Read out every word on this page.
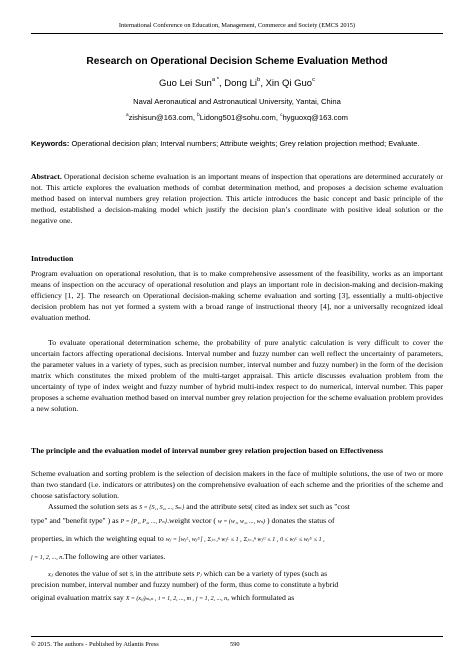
International Conference on Education, Management, Commerce and Society (EMCS 2015)
Research on Operational Decision Scheme Evaluation Method
Guo Lei Sun$^{a *}$, Dong Li$^b$, Xin Qi Guo$^c$
Naval Aeronautical and Astronautical University, Yantai, China
$^a$zishisun@163.com, $^b$Lidong501@sohu.com, $^c$hyguoxq@163.com
Keywords: Operational decision plan; Interval numbers; Attribute weights; Grey relation projection method; Evaluate.
Abstract. Operational decision scheme evaluation is an important means of inspection that operations are determined accurately or not. This article explores the evaluation methods of combat determination method, and proposes a decision scheme evaluation method based on interval numbers grey relation projection. This article introduces the basic concept and basic principle of the method, established a decision-making model which justify the decision plan’s coordinate with positive ideal solution or the negative one.
Introduction
Program evaluation on operational resolution, that is to make comprehensive assessment of the feasibility, works as an important means of inspection on the accuracy of operational resolution and plays an important role in decision-making and decision-making efficiency [1, 2]. The research on Operational decision-making scheme evaluation and sorting [3], essentially a multi-objective decision problem has not yet formed a system with a broad range of instructional theory [4], nor a universally recognized ideal evaluation method.
To evaluate operational determination scheme, the probability of pure analytic calculation is very difficult to cover the uncertain factors affecting operational decisions. Interval number and fuzzy number can well reflect the uncertainty of parameters, the parameter values in a variety of types, such as precision number, interval number and fuzzy number) in the form of the decision matrix which constitutes the mixed problem of the multi-target appraisal. This article discusses evaluation problem from the uncertainty of type of index weight and fuzzy number of hybrid multi-index respect to do numerical, interval number. This paper proposes a scheme evaluation method based on interval number grey relation projection for the scheme evaluation problem provides a new solution.
The principle and the evaluation model of interval number grey relation projection based on Effectiveness
Scheme evaluation and sorting problem is the selection of decision makers in the face of multiple solutions, the use of two or more than two standard (i.e. indicators or attributes) on the comprehensive evaluation of each scheme and the priorities of the scheme and choose satisfactory solution.
Assumed the solution sets as S = {S₁, S₂, ..., Sₘ} and the attribute sets( cited as index set such as "cost
type" and "benefit type" ) as P = {P₁, P₂, ..., Pₙ}.weight vector ( w = (w₁, w₂, ..., wₙ) ) donates the status of
properties, in which the weighting equal to wⱼ = [wⱼᴸ, wⱼᵁ] , Σⱼ₌₁ⁿ wⱼᴸ ≤ 1 , Σⱼ₌₁ⁿ wⱼᵁ ≤ 1 , 0 ≤ wⱼᴸ ≤ wⱼᵁ ≤ 1 ,
j = 1, 2, ..., n.The following are other variates.
xᵢⱼ denotes the value of set Sᵢ in the attribute sets Pⱼ which can be a variety of types (such as
precision number, interval number and fuzzy number) of the form, thus come to constitute a hybrid
original evaluation matrix say X = (xᵢⱼ)ₘₓₙ , i = 1, 2, ..., m , j = 1, 2, ..., n, which formulated as
© 2015. The authors - Published by Atlantis Press	590
